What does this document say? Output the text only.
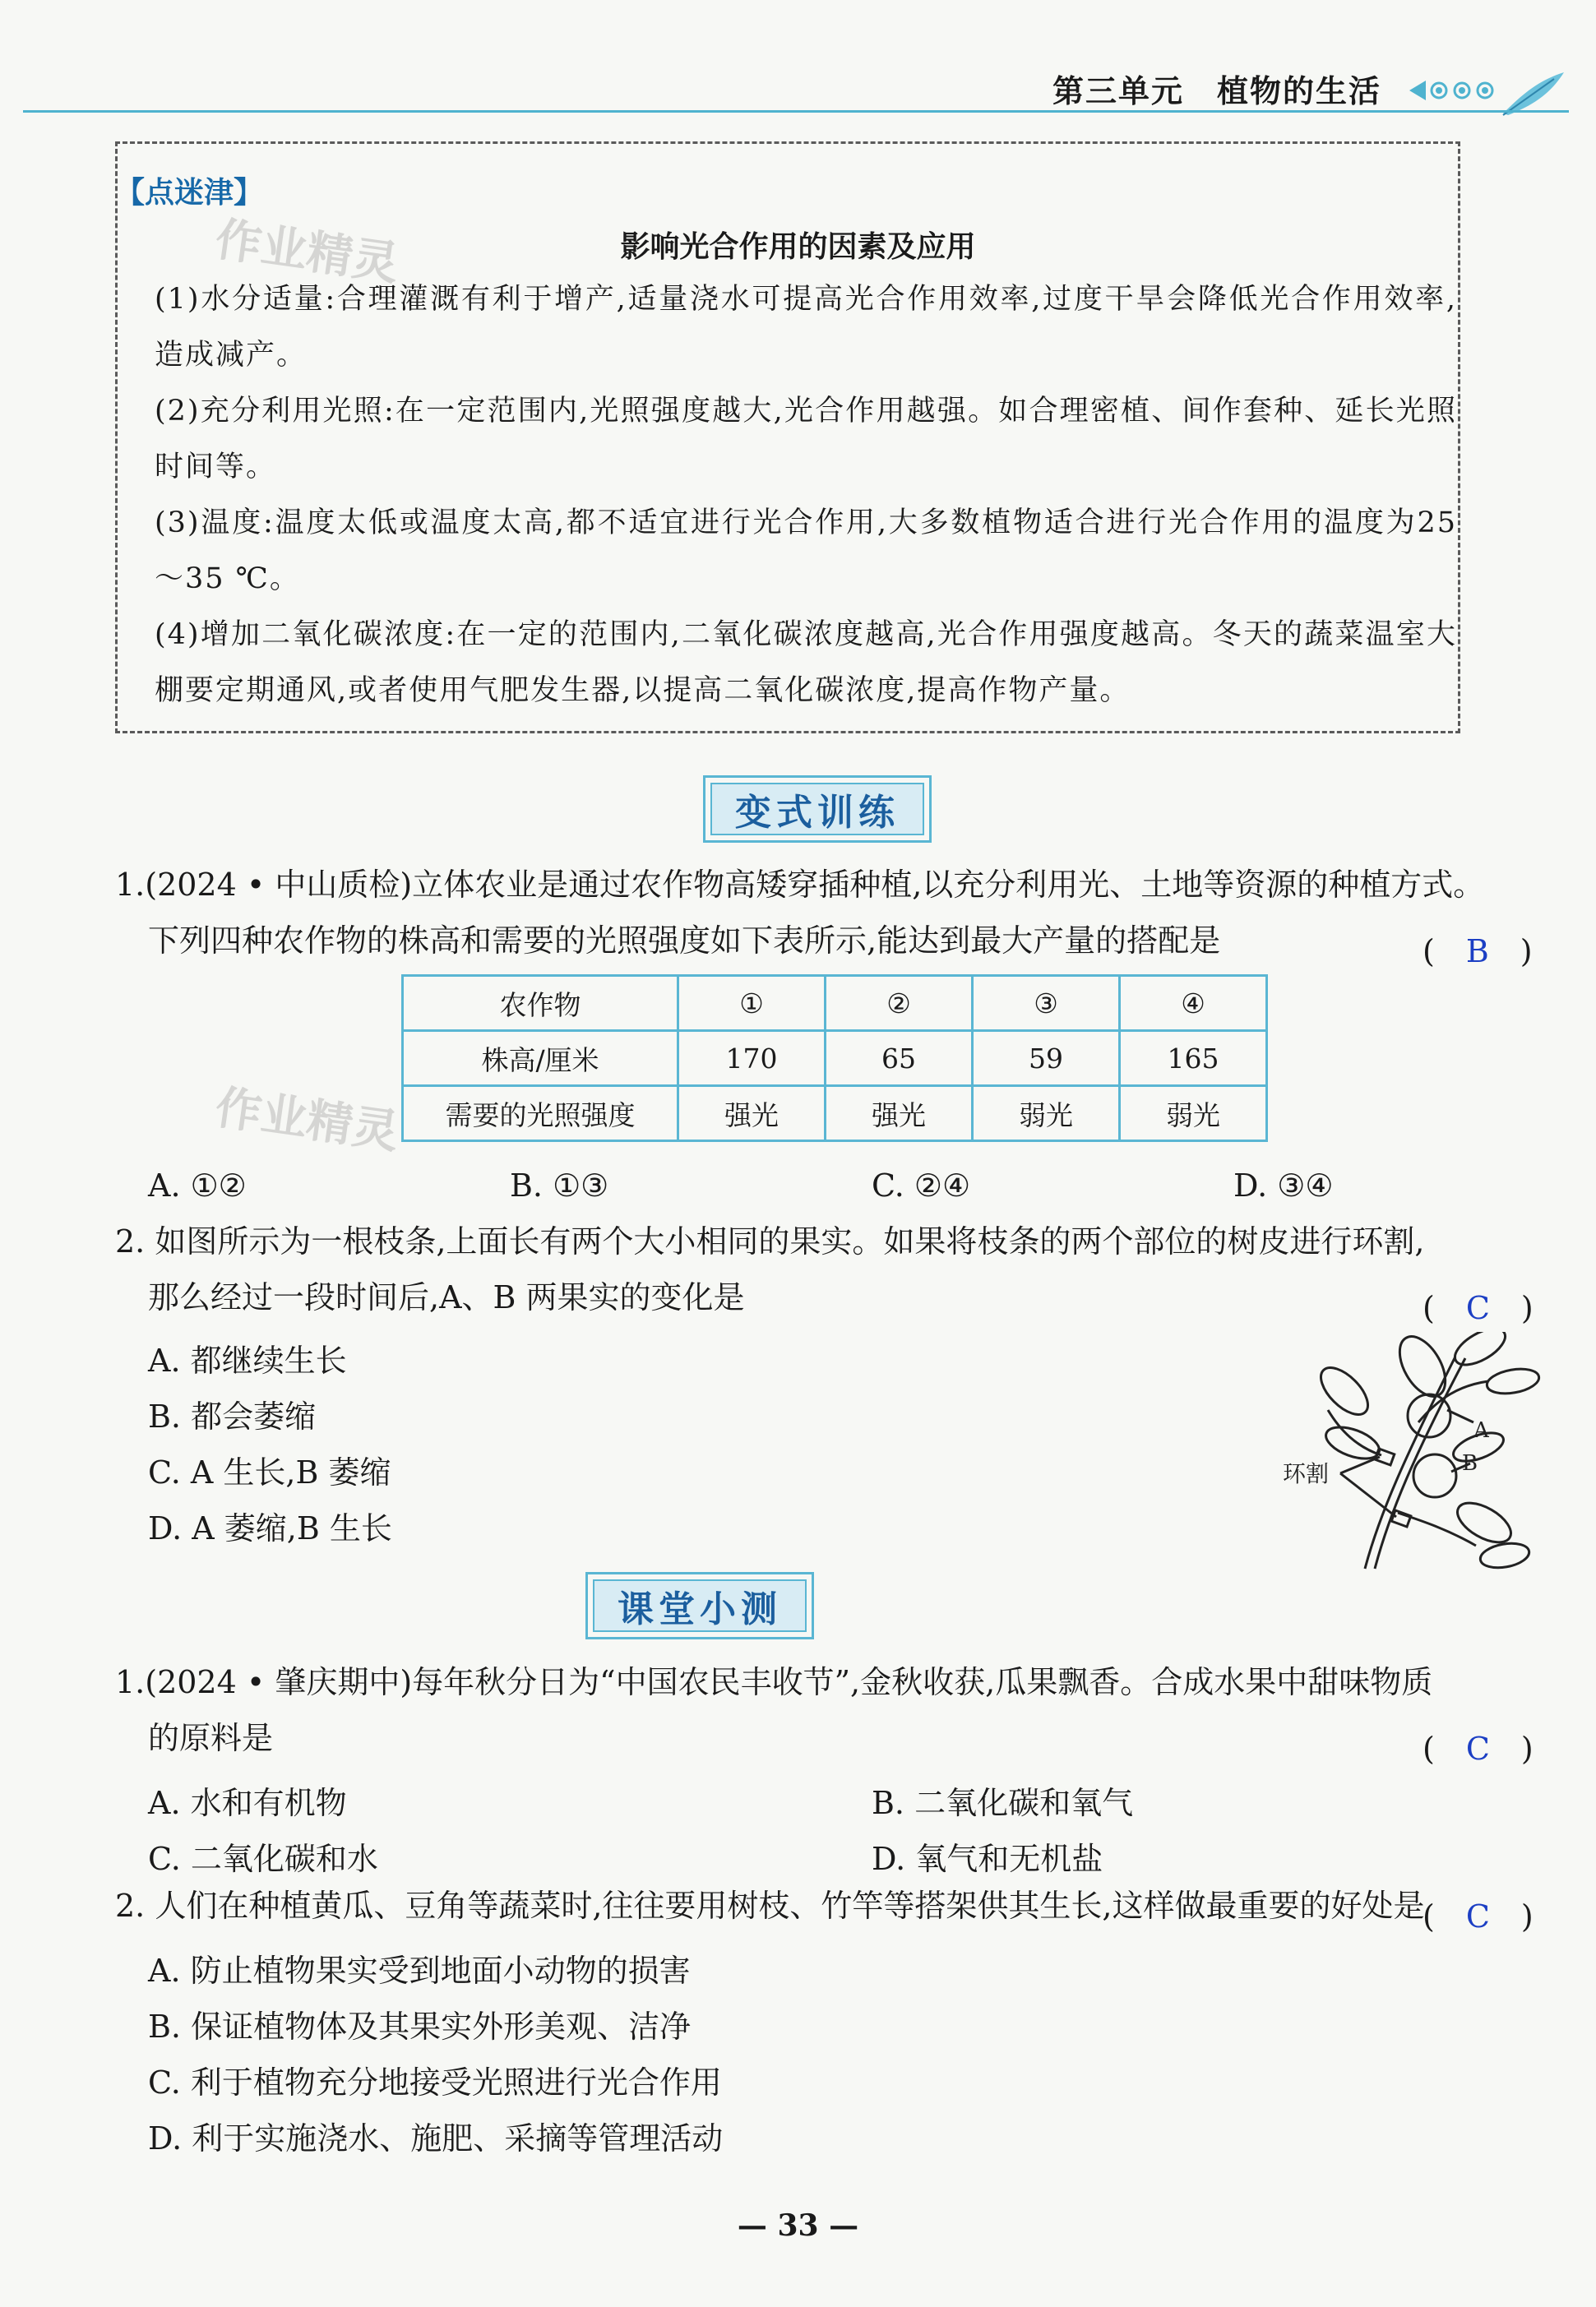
第三单元　植物的生活
【点迷津】
作业精灵	影响光合作用的因素及应用
(1)水分适量:合理灌溉有利于增产,适量浇水可提高光合作用效率,过度干旱会降低光合作用效率,造成减产。
(2)充分利用光照:在一定范围内,光照强度越大,光合作用越强。如合理密植、间作套种、延长光照时间等。
(3)温度:温度太低或温度太高,都不适宜进行光合作用,大多数植物适合进行光合作用的温度为25～35 ℃。
(4)增加二氧化碳浓度:在一定的范围内,二氧化碳浓度越高,光合作用强度越高。冬天的蔬菜温室大棚要定期通风,或者使用气肥发生器,以提高二氧化碳浓度,提高作物产量。
变式训练
1.(2024 • 中山质检)立体农业是通过农作物高矮穿插种植,以充分利用光、土地等资源的种植方式。
下列四种农作物的株高和需要的光照强度如下表所示,能达到最大产量的搭配是	(　B　)
农作物	①	②	③	④
株高/厘米	170	65	59	165
需要的光照强度	强光	强光	弱光	弱光
作业精灵
A. ①②	B. ①③	C. ②④	D. ③④
2. 如图所示为一根枝条,上面长有两个大小相同的果实。如果将枝条的两个部位的树皮进行环割,
那么经过一段时间后,A、B 两果实的变化是	(　C　)
A. 都继续生长
B. 都会萎缩
C. A 生长,B 萎缩
D. A 萎缩,B 生长
环割
A
B
课堂小测
1.(2024 • 肇庆期中)每年秋分日为“中国农民丰收节”,金秋收获,瓜果飘香。合成水果中甜味物质
的原料是	(　C　)
A. 水和有机物	B. 二氧化碳和氧气
C. 二氧化碳和水	D. 氧气和无机盐
2. 人们在种植黄瓜、豆角等蔬菜时,往往要用树枝、竹竿等搭架供其生长,这样做最重要的好处是
(　C　)
A. 防止植物果实受到地面小动物的损害
B. 保证植物体及其果实外形美观、洁净
C. 利于植物充分地接受光照进行光合作用
D. 利于实施浇水、施肥、采摘等管理活动
— 33 —
